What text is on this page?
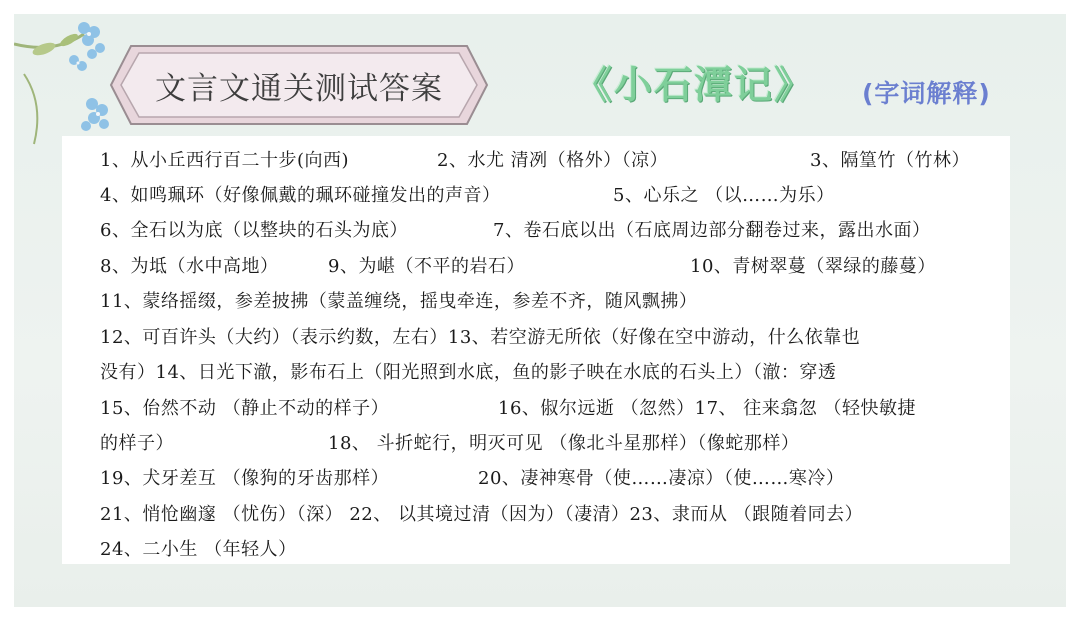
文言文通关测试答案	《小石潭记》 (字词解释)
1、从小丘西行百二十步(向西)	2、水尤 清冽（格外）（凉）	3、隔篁竹（竹林）
4、如鸣珮环（好像佩戴的珮环碰撞发出的声音）	5、心乐之 （以……为乐）
6、全石以为底（以整块的石头为底）	7、卷石底以出（石底周边部分翻卷过来，露出水面）
8、为坻（水中高地）	9、为嵁（不平的岩石）	10、青树翠蔓（翠绿的藤蔓）
11、蒙络摇缀，参差披拂（蒙盖缠绕，摇曳牵连，参差不齐，随风飘拂）
12、可百许头（大约）（表示约数，左右）13、若空游无所依（好像在空中游动，什么依靠也
没有）14、日光下澈，影布石上（阳光照到水底，鱼的影子映在水底的石头上）（澈：穿透
15、佁然不动 （静止不动的样子）	16、俶尔远逝 （忽然）17、 往来翕忽 （轻快敏捷
的样子）	18、 斗折蛇行，明灭可见 （像北斗星那样）（像蛇那样）
19、犬牙差互 （像狗的牙齿那样）	20、凄神寒骨（使……凄凉）（使……寒冷）
21、悄怆幽邃 （忧伤）（深） 22、 以其境过清（因为）（凄清）23、隶而从 （跟随着同去）
24、二小生 （年轻人）
